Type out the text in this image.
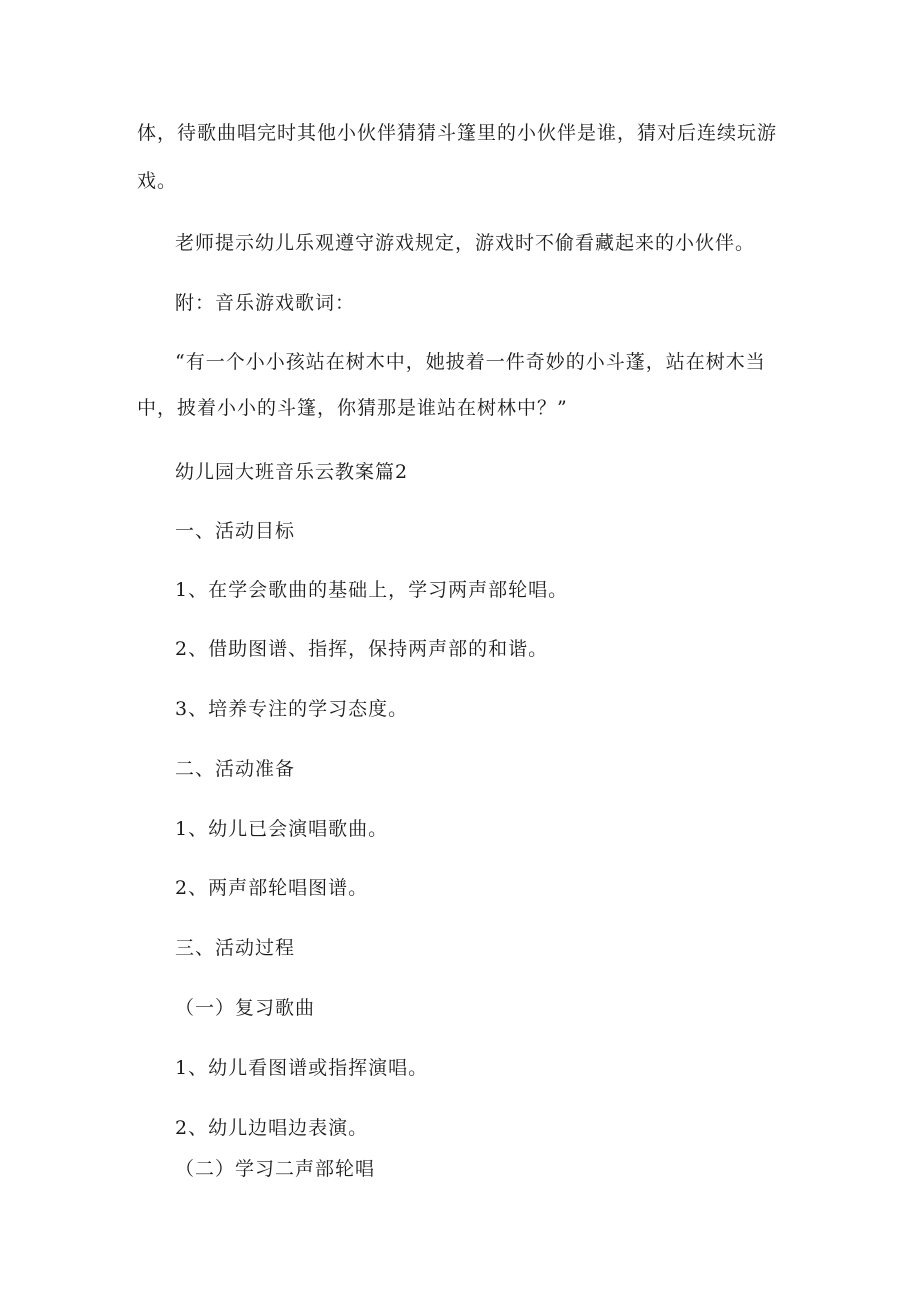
体，待歌曲唱完时其他小伙伴猜猜斗篷里的小伙伴是谁，猜对后连续玩游
戏。
老师提示幼儿乐观遵守游戏规定，游戏时不偷看藏起来的小伙伴。
附：音乐游戏歌词：
“有一个小小孩站在树木中，她披着一件奇妙的小斗蓬，站在树木当
中，披着小小的斗篷，你猜那是谁站在树林中？”
幼儿园大班音乐云教案篇2
一、活动目标
1、在学会歌曲的基础上，学习两声部轮唱。
2、借助图谱、指挥，保持两声部的和谐。
3、培养专注的学习态度。
二、活动准备
1、幼儿已会演唱歌曲。
2、两声部轮唱图谱。
三、活动过程
（一）复习歌曲
1、幼儿看图谱或指挥演唱。
2、幼儿边唱边表演。
（二）学习二声部轮唱
